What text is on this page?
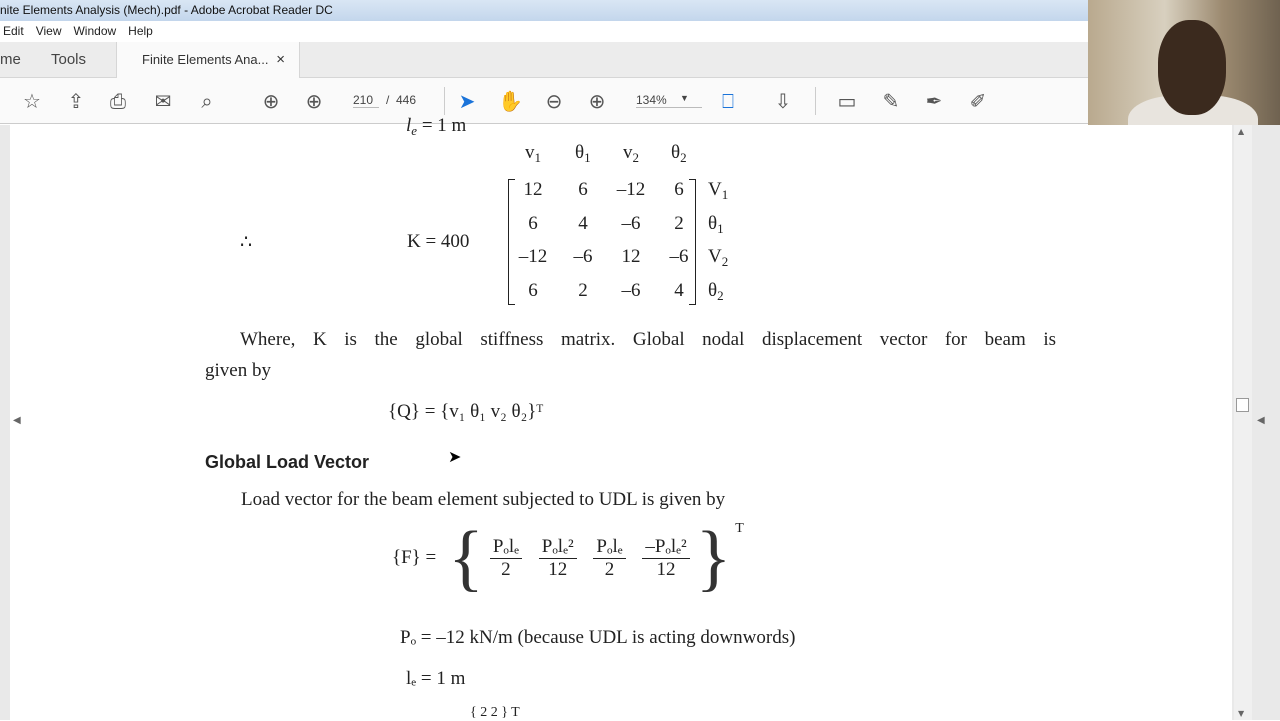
nite Elements Analysis (Mech).pdf - Adobe Acrobat Reader DC
Edit View Window Help
me Tools	Finite Elements Ana... ×
☆ ⇪ ⎙ ✉	⌕	⊕ ⊕	210	/ 446 ➤ ✋ ⊖ ⊕	134% ▼	⎕	⇩ ▭ ✎ ✒ ✐
$l_e = 1$ m
∴	K = 400
$v_1$ $\theta_1$ $v_2$ $\theta_2$
12	6	–12	6	$V_1$
6	4	–6	2	$\theta_1$
–12	–6	12	–6	$V_2$
6	2	–6	4	$\theta_2$
Where, K is the global stiffness matrix. Global nodal displacement vector for beam is
given by
{Q} = {v₁ θ₁ v₂ θ₂}ᵀ
Global Load Vector
Load vector for the beam element subjected to UDL is given by
{F} = { $\frac{\text{Pₒlₑ}}{2}$
$\frac{\text{Pₒlₑ²}}{12}$
$\frac{\text{Pₒlₑ}}{2}$
$\frac{\text{–Pₒlₑ²}}{12}$ } T
Pₒ = –12 kN/m (because UDL is acting downwords)
lₑ = 1 m
{ 2 2 } T
◀
▲
▼
◀
➤
